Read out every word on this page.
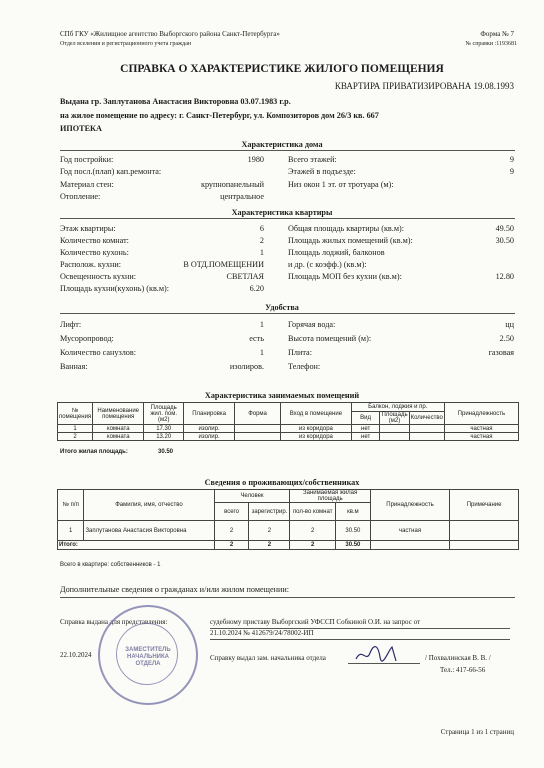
СПб ГКУ «Жилищное агентство Выборгского района Санкт-Петербурга»
Отдел вселения и регистрационного учета граждан
Форма № 7
№ справки :1193681
СПРАВКА О ХАРАКТЕРИСТИКЕ ЖИЛОГО ПОМЕЩЕНИЯ
КВАРТИРА ПРИВАТИЗИРОВАНА 19.08.1993
Выдана гр. Заплутанова Анастасия Викторовна 03.07.1983 г.р.
на жилое помещение по адресу: г. Санкт-Петербург, ул. Композиторов дом 26/3 кв. 667
ИПОТЕКА
Характеристика дома
Год постройки:	1980
Год посл.(плап) кап.ремонта:
Материал стен:	крупнопанельный
Отопление:	центральное
Всего этажей:	9
Этажей в подъезде:	9
Низ окон 1 эт. от тротуара (м):
Характеристика квартиры
Этаж квартиры:	6
Количество комнат:	2
Количество кухонь:	1
Располож. кухни:	В ОТД.ПОМЕЩЕНИИ
Освещенность кухни:	СВЕТЛАЯ
Площадь кухни(кухонь) (кв.м):	6.20
Общая площадь квартиры (кв.м):	49.50
Площадь жилых помещений (кв.м):	30.50
Площадь лоджий, балконов
и др. (с коэфф.) (кв.м):
Площадь МОП без кухни (кв.м):	12.80
Удобства
Лифт:	1
Мусоропровод:	есть
Количество санузлов:	1
Ванная:	изолиров.
Горячая вода:	цц
Высота помещений (м):	2.50
Плита:	газовая
Телефон:
Характеристика занимаемых помещений
№ помещения	Наименование помещения	Площадь жил. пом.(м2)	Планировка	Форма	Вход в помещение	Балкон, лоджия и пр.			Принадлежность
						Вид	Площадь (м2)	Количество	
1	комната	17.30	изолир.		из коридора	нет			частная
2	комната	13.20	изолир.		из коридора	нет			частная
Итого жилая площадь:	30.50
Сведения о проживающих/собственниках
№ п/п	Фамилия, имя, отчество	Человек		Занимаемая жилая площадь		Принадлежность	Примечание
		всего	зарегистрир.	пол-во комнат	кв.м		
1	Заплутанова Анастасия Викторовна	2	2	2	30.50	частная	
Итого:		2	2	2	30.50		
Всего в квартире: собственников - 1
Дополнительные сведения о гражданах и/или жилом помещении:
Справка выдана для представления:	судебному приставу Выборгский УФССП Собкиной О.И. на запрос от
21.10.2024 № 412679/24/78002-ИП
22.10.2024	Справку выдал зам. начальника отдела	/ Похвалинская В. В. /
Тел.: 417-66-56
ЗАМЕСТИТЕЛЬ НАЧАЛЬНИКА ОТДЕЛА
Страница 1 из 1 страниц
